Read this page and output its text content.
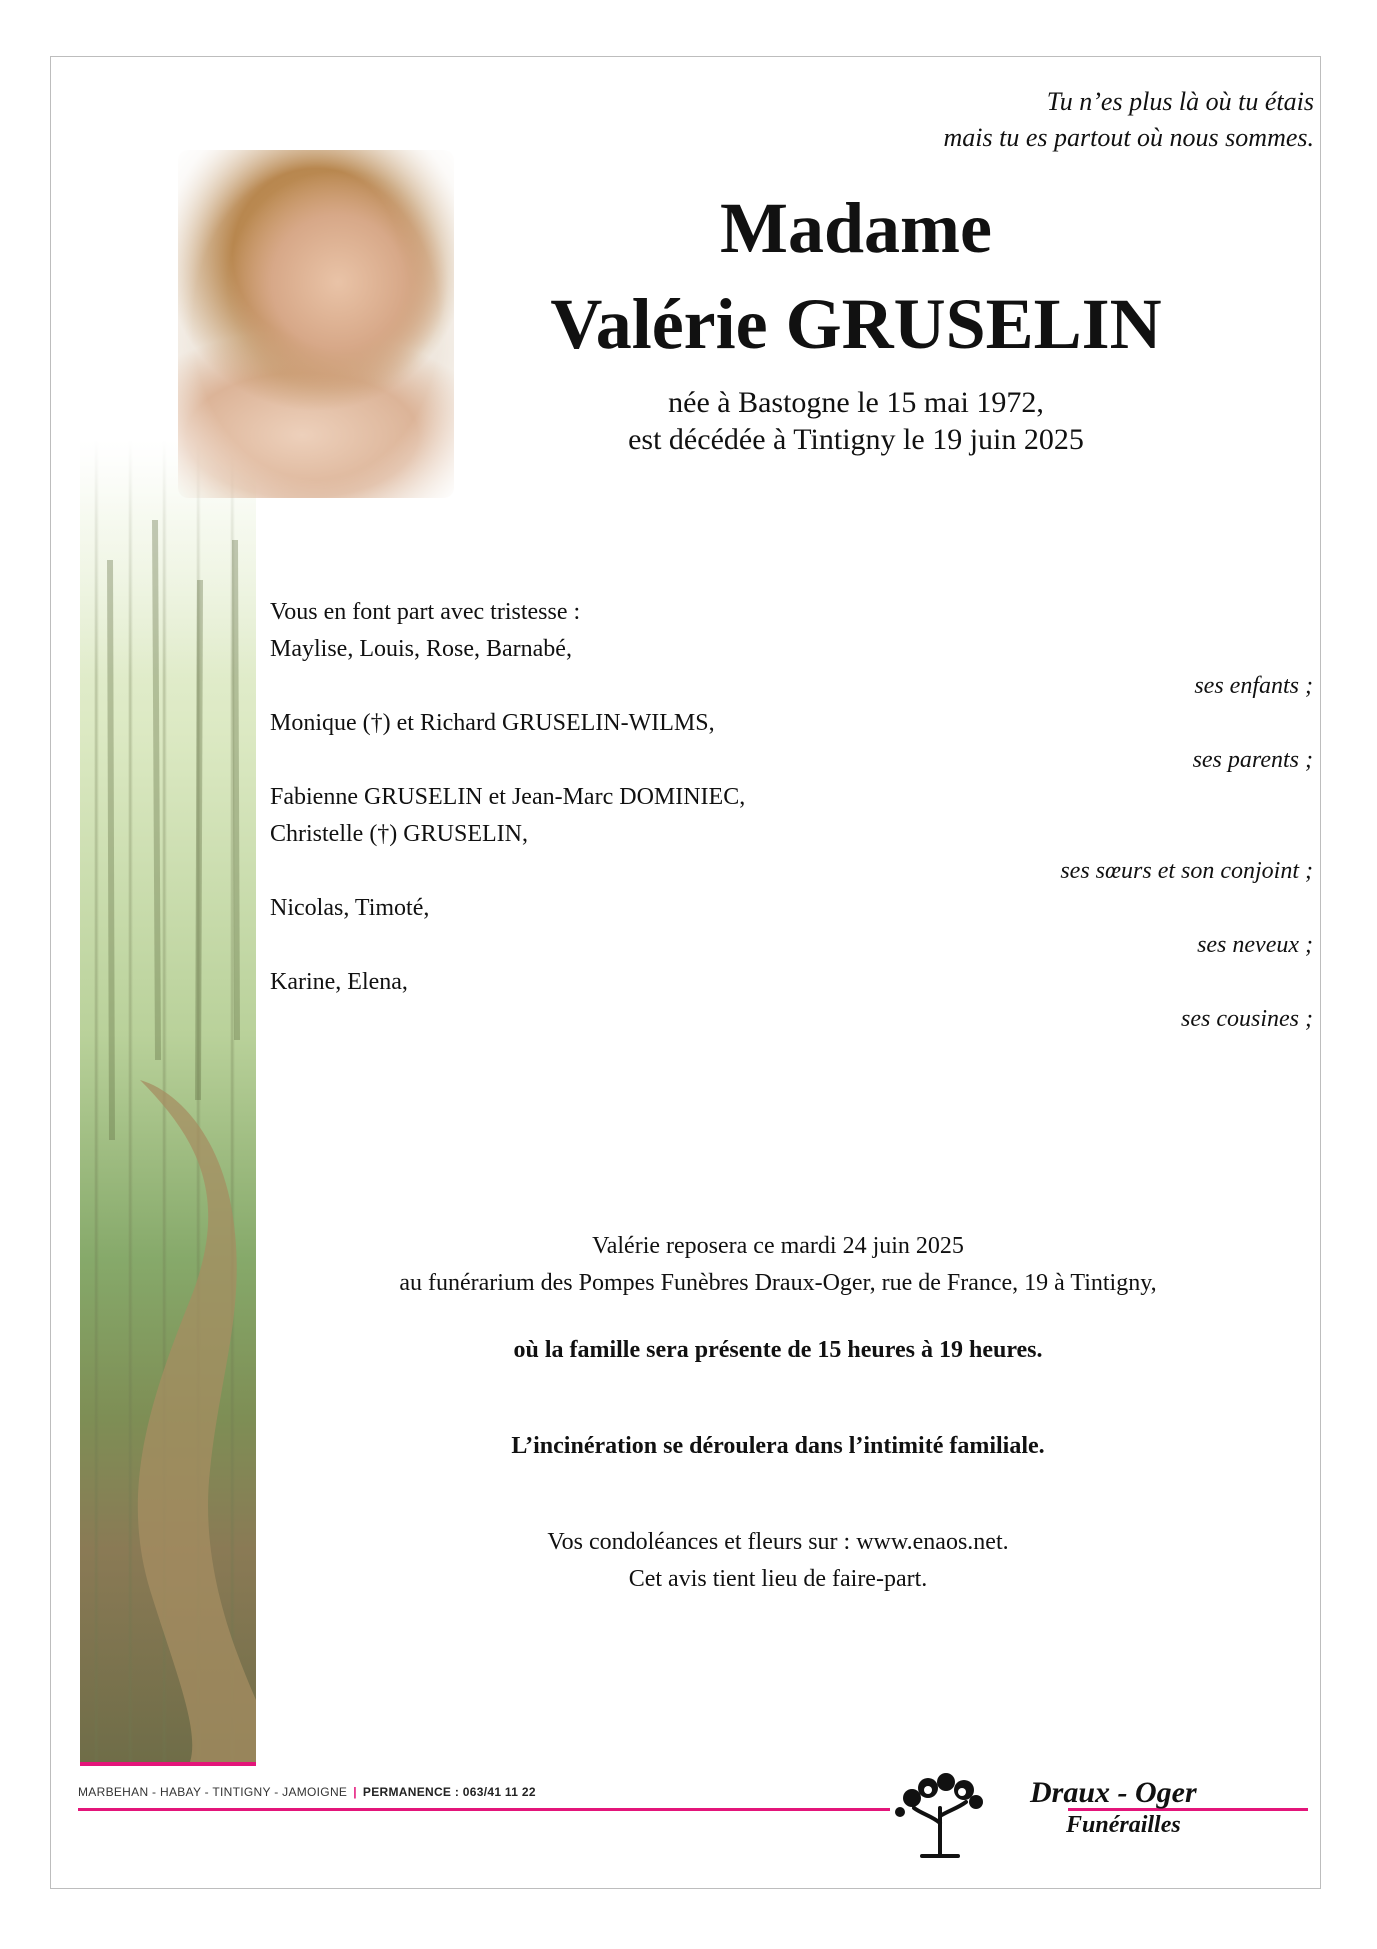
Tu n’es plus là où tu étais
mais tu es partout où nous sommes.
Madame
Valérie GRUSELIN
née à Bastogne le 15 mai 1972,
est décédée à Tintigny le 19 juin 2025
Vous en font part avec tristesse :
Maylise, Louis, Rose, Barnabé,
ses enfants ;
Monique (†) et Richard GRUSELIN-WILMS,
ses parents ;
Fabienne GRUSELIN et Jean-Marc DOMINIEC,
Christelle (†) GRUSELIN,
ses sœurs et son conjoint ;
Nicolas, Timoté,
ses neveux ;
Karine, Elena,
ses cousines ;
Valérie reposera ce mardi 24 juin 2025
au funérarium des Pompes Funèbres Draux-Oger, rue de France, 19 à Tintigny,
où la famille sera présente de 15 heures à 19 heures.
L’incinération se déroulera dans l’intimité familiale.
Vos condoléances et fleurs sur : www.enaos.net.
Cet avis tient lieu de faire-part.
MARBEHAN - HABAY - TINTIGNY - JAMOIGNE | PERMANENCE : 063/41 11 22	Draux - Oger
Funérailles
